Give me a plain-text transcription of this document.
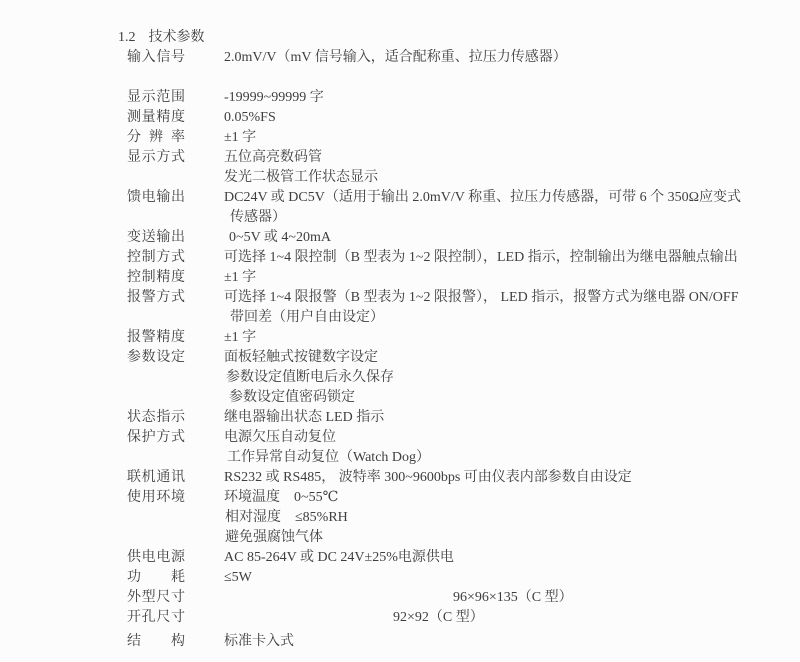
1.2 技术参数
输入信号	2.0mV/V（mV 信号输入，适合配称重、拉压力传感器）
显示范围	-19999~99999 字
测量精度	0.05%FS
分辨率	±1 字
显示方式	五位高亮数码管
发光二极管工作状态显示
馈电输出	DC24V 或 DC5V（适用于输出 2.0mV/V 称重、拉压力传感器，可带 6 个 350Ω应变式
传感器）
变送输出	0~5V 或 4~20mA
控制方式	可选择 1~4 限控制（B 型表为 1~2 限控制），LED 指示，控制输出为继电器触点输出
控制精度	±1 字
报警方式	可选择 1~4 限报警（B 型表为 1~2 限报警）， LED 指示，报警方式为继电器 ON/OFF
带回差（用户自由设定）
报警精度	±1 字
参数设定	面板轻触式按键数字设定
参数设定值断电后永久保存
参数设定值密码锁定
状态指示	继电器输出状态 LED 指示
保护方式	电源欠压自动复位
工作异常自动复位（Watch Dog）
联机通讯	RS232 或 RS485， 波特率 300~9600bps 可由仪表内部参数自由设定
使用环境	环境温度　0~55℃
相对湿度　≤85%RH
避免强腐蚀气体
供电电源	AC 85-264V 或 DC 24V±25%电源供电
功耗	≤5W
外型尺寸	96×96×135（C 型）
开孔尺寸	92×92（C 型）
结构	标准卡入式
